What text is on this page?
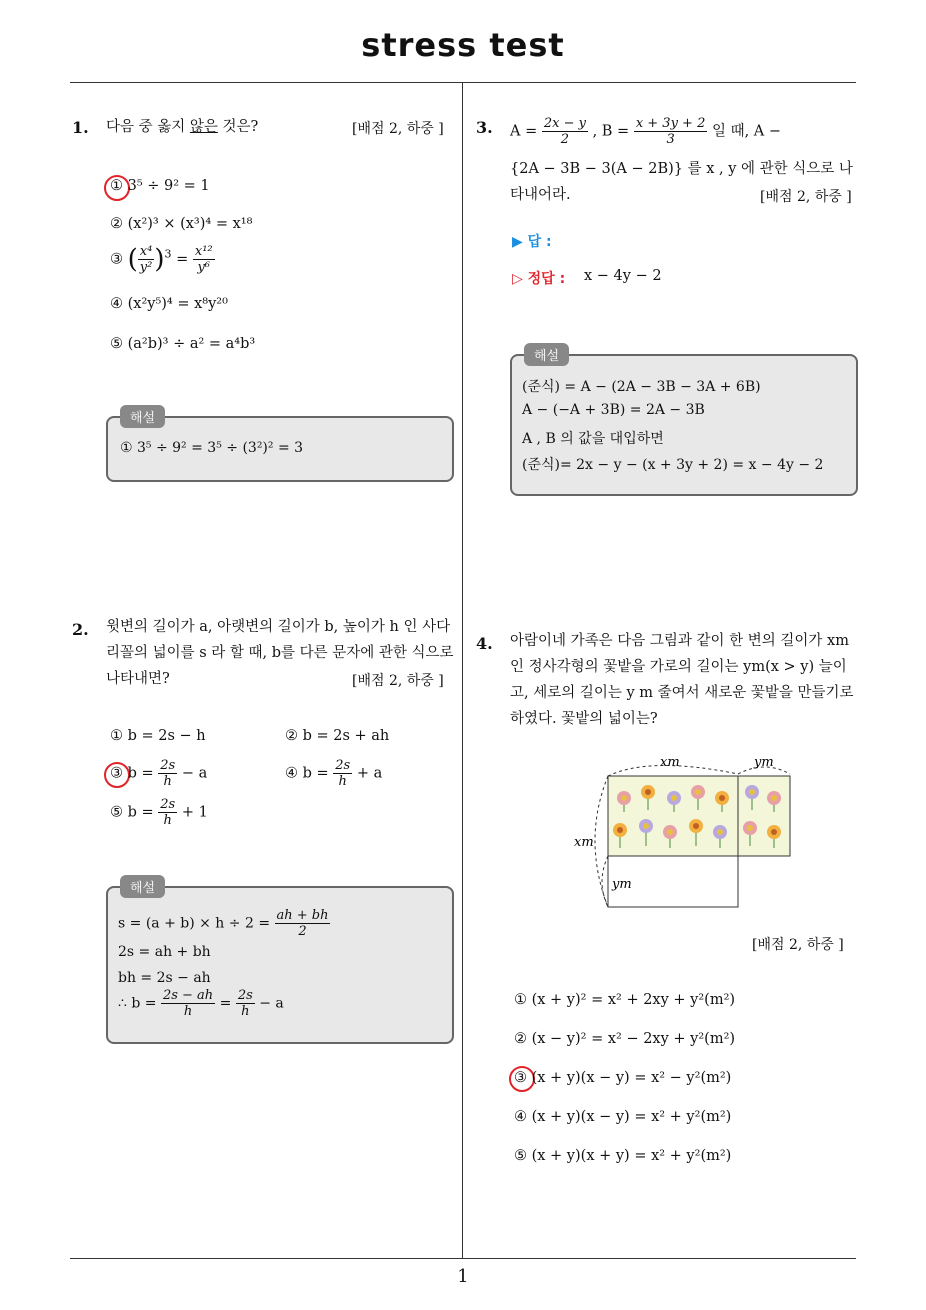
stress test
1
1. 다음 중 옳지 않은 것은?	[배점 2, 하중 ]
① 3⁵ ÷ 9² = 1
② (x²)³ × (x³)⁴ = x¹⁸
③ ( $\frac{\text{x⁴}}{\text{y²}} )^3 = \frac{\text{x¹²}}{\text{y⁶}}$
④ (x²y⁵)⁴ = x⁸y²⁰
⑤ (a²b)³ ÷ a² = a⁴b³
① 3⁵ ÷ 9² = 3⁵ ÷ (3²)² = 3
해설
2. 윗변의 길이가 a, 아랫변의 길이가 b, 높이가 h 인 사다
리꼴의 넓이를 s 라 할 때, b를 다른 문자에 관한 식으로
나타내면?	[배점 2, 하중 ]
① b = 2s − h	② b = 2s + ah
③ $b = \frac{2s}{h} - a$	④ $b = \frac{2s}{h} + a$
⑤ $b = \frac{2s}{h} + 1$
$s = (a + b) \times h \div 2 = \frac{ah + bh}{2}$
2s = ah + bh
bh = 2s − ah
∴ $b = \frac{2s - ah}{h} = \frac{2s}{h} - a$
해설
3. $A = \frac{2x - y}{2}$ , $B = \frac{x + 3y + 2}{3}$ 일 때, A −
{2A − 3B − 3(A − 2B)} 를 x , y 에 관한 식으로 나
타내어라.	[배점 2, 하중 ]
▶ 답 :
▷ 정답 : x − 4y − 2
(준식) = A − (2A − 3B − 3A + 6B)
A − (−A + 3B) = 2A − 3B
A , B 의 값을 대입하면
(준식)= 2x − y − (x + 3y + 2) = x − 4y − 2
해설
4. 아람이네 가족은 다음 그림과 같이 한 변의 길이가 xm
인 정사각형의 꽃밭을 가로의 길이는 ym(x > y) 늘이
고, 세로의 길이는 y m 줄여서 새로운 꽃밭을 만들기로
하였다. 꽃밭의 넓이는?
xm	ym
xm
ym
[배점 2, 하중 ]
① (x + y)² = x² + 2xy + y²(m²)
② (x − y)² = x² − 2xy + y²(m²)
③ (x + y)(x − y) = x² − y²(m²)
④ (x + y)(x − y) = x² + y²(m²)
⑤ (x + y)(x + y) = x² + y²(m²)
